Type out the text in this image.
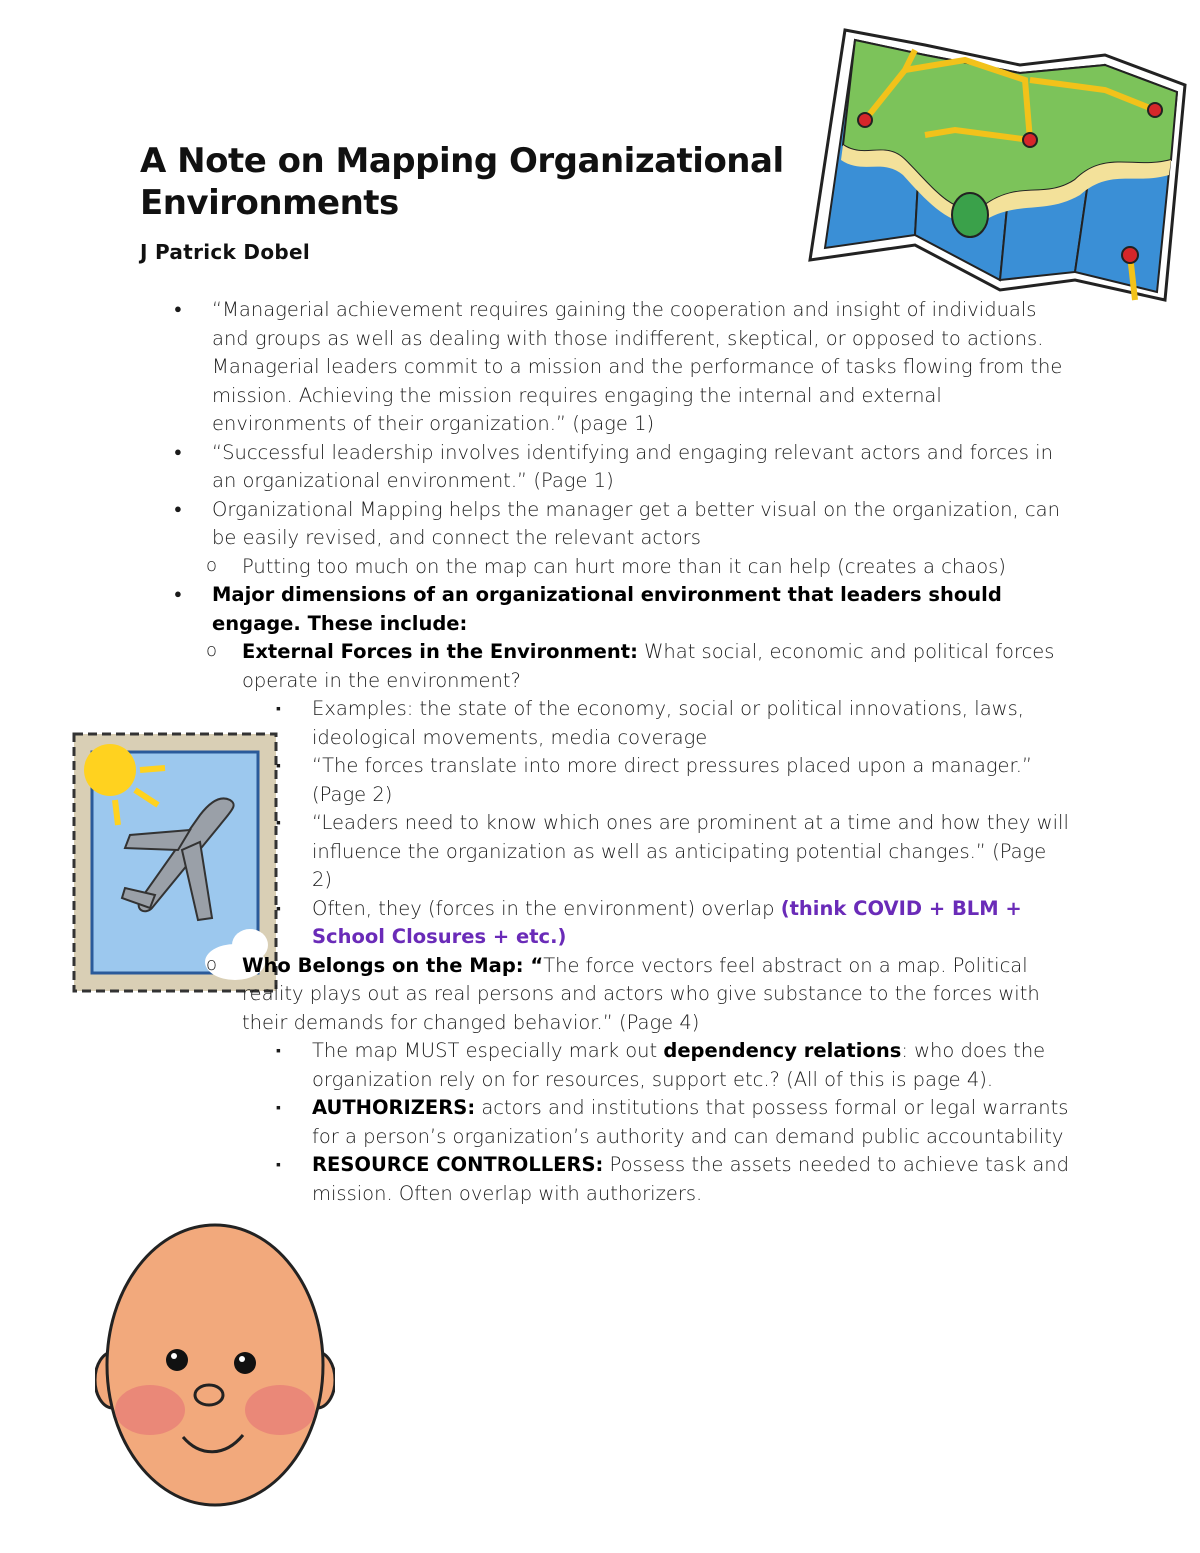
A Note on Mapping Organizational Environments
J Patrick Dobel
● “Managerial achievement requires gaining the cooperation and insight of individuals and groups as well as dealing with those indifferent, skeptical, or opposed to actions. Managerial leaders commit to a mission and the performance of tasks flowing from the mission. Achieving the mission requires engaging the internal and external environments of their organization.” (page 1)
● “Successful leadership involves identifying and engaging relevant actors and forces in an organizational environment.” (Page 1)
● Organizational Mapping helps the manager get a better visual on the organization, can be easily revised, and connect the relevant actors
o Putting too much on the map can hurt more than it can help (creates a chaos)
● Major dimensions of an organizational environment that leaders should engage. These include:
o External Forces in the Environment: What social, economic and political forces operate in the environment?
▪ Examples: the state of the economy, social or political innovations, laws, ideological movements, media coverage
▪ “The forces translate into more direct pressures placed upon a manager.” (Page 2)
▪ “Leaders need to know which ones are prominent at a time and how they will influence the organization as well as anticipating potential changes.” (Page 2)
▪ Often, they (forces in the environment) overlap (think COVID + BLM + School Closures + etc.)
o Who Belongs on the Map: “The force vectors feel abstract on a map. Political reality plays out as real persons and actors who give substance to the forces with their demands for changed behavior.” (Page 4)
▪ The map MUST especially mark out dependency relations: who does the organization rely on for resources, support etc.? (All of this is page 4).
▪ AUTHORIZERS: actors and institutions that possess formal or legal warrants for a person’s organization’s authority and can demand public accountability
▪ RESOURCE CONTROLLERS: Possess the assets needed to achieve task and mission. Often overlap with authorizers.
